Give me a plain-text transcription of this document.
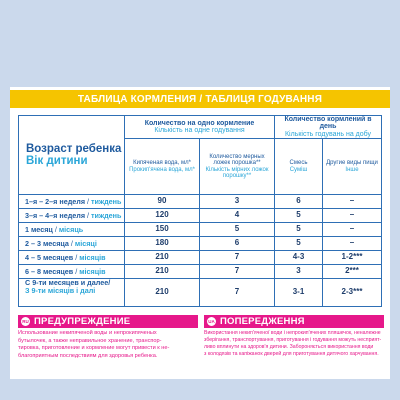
ТАБЛИЦА КОРМЛЕНИЯ / ТАБЛИЦЯ ГОДУВАННЯ
Возраст ребенка
Вік дитини
Количество на одно кормление
Кількість на одне годування
Количество кормлений в день
Кількість годувань на добу
Кипяченая вода, мл*
Прокип'ячена вода, мл*
Количество мерных ложек порошка**
Кількість мірних ложок порошку**
Смесь
Суміш
Другие виды пищи
Інше
1–я – 2–я неделя / тиждень	90	3	6	–
3–я – 4–я неделя / тиждень	120	4	5	–
1 месяц / місяць	150	5	5	–
2 – 3 месяца / місяці	180	6	5	–
4 – 5 месяцев / місяців	210	7	4-3	1-2***
6 – 8 месяцев / місяців	210	7	3	2***
С 9-ти месяцев и далее/
З 9-ти місяців і далі	210	7	3-1	2-3***
RU ПРЕДУПРЕЖДЕНИЕ
Использование некипяченой воды и непрокипяченых
бутылочек, а также неправильное хранение, транспор-
тировка, приготовление и кормление могут привести к не-
благоприятным последствиям для здоровья ребенка.
UA ПОПЕРЕДЖЕННЯ
Використання некип'яченої води і непрокип'ячених пляшечок, неналежне
зберігання, транспортування, приготування і годування можуть несприят-
ливо вплинути на здоров'я дитини. Забороняється використання води
з колодязів та капіжанок дверей для приготування дитячого харчування.
